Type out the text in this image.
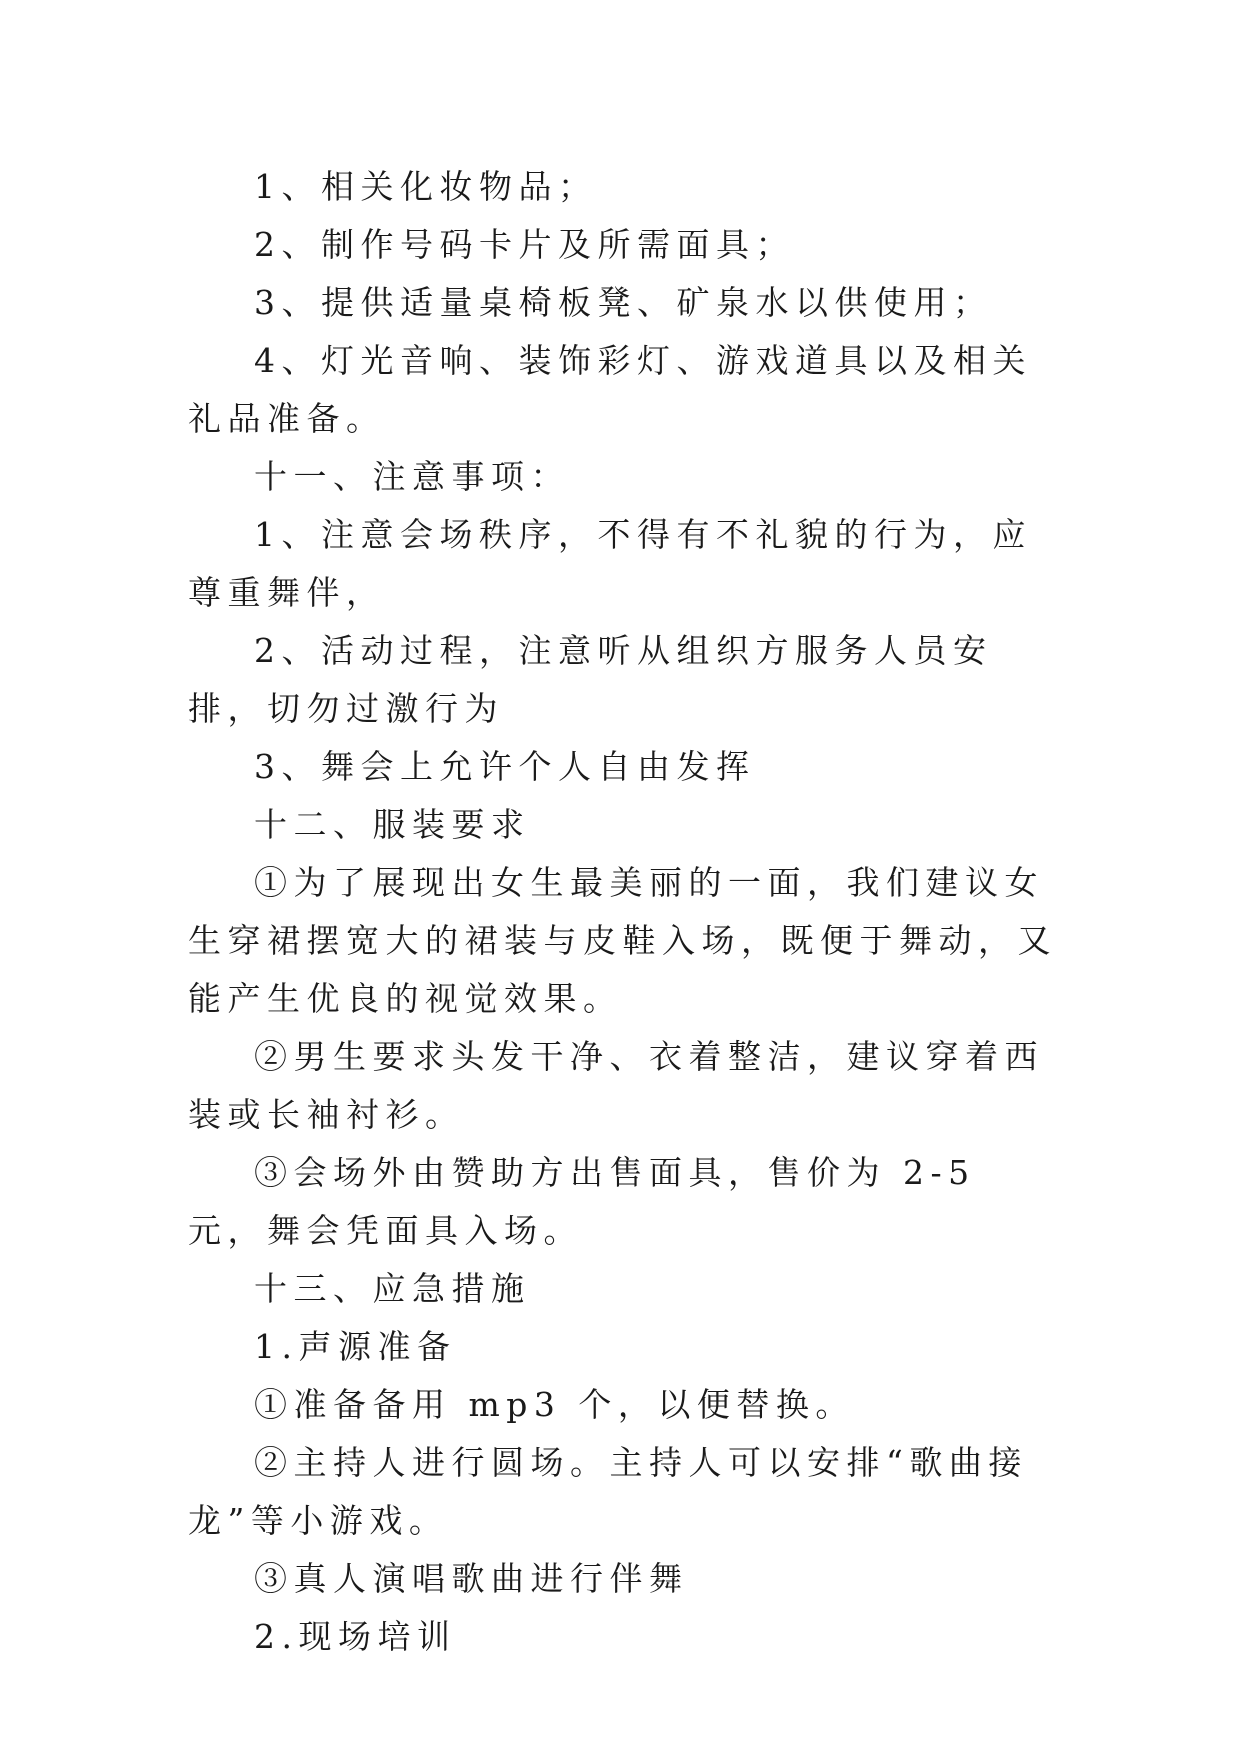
1、相关化妆物品；

2、制作号码卡片及所需面具；

3、提供适量桌椅板凳、矿泉水以供使用；

4、灯光音响、装饰彩灯、游戏道具以及相关礼品准备。

十一、注意事项：

1、注意会场秩序，不得有不礼貌的行为，应尊重舞伴，

2、活动过程，注意听从组织方服务人员安排，切勿过激行为

3、舞会上允许个人自由发挥

十二、服装要求

①为了展现出女生最美丽的一面，我们建议女生穿裙摆宽大的裙装与皮鞋入场，既便于舞动，又能产生优良的视觉效果。

②男生要求头发干净、衣着整洁，建议穿着西装或长袖衬衫。

③会场外由赞助方出售面具，售价为 2-5 元，舞会凭面具入场。

十三、应急措施

1.声源准备

①准备备用 mp3 个，以便替换。

②主持人进行圆场。主持人可以安排“歌曲接龙”等小游戏。

③真人演唱歌曲进行伴舞

2.现场培训
